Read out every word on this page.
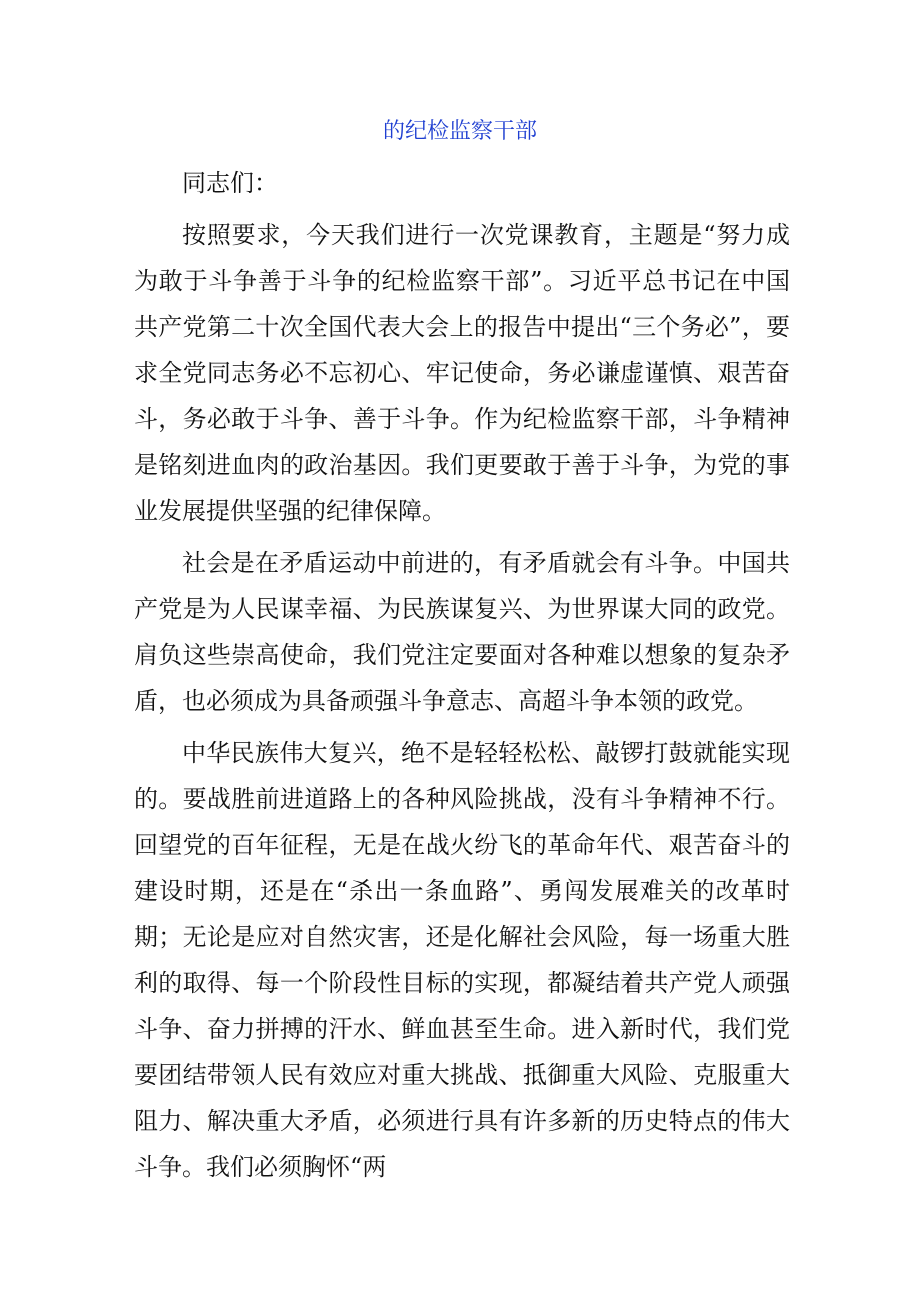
的纪检监察干部

同志们：

按照要求，今天我们进行一次党课教育，主题是“努力成为敢于斗争善于斗争的纪检监察干部”。习近平总书记在中国共产党第二十次全国代表大会上的报告中提出“三个务必”，要求全党同志务必不忘初心、牢记使命，务必谦虚谨慎、艰苦奋斗，务必敢于斗争、善于斗争。作为纪检监察干部，斗争精神是铭刻进血肉的政治基因。我们更要敢于善于斗争，为党的事业发展提供坚强的纪律保障。

社会是在矛盾运动中前进的，有矛盾就会有斗争。中国共产党是为人民谋幸福、为民族谋复兴、为世界谋大同的政党。肩负这些崇高使命，我们党注定要面对各种难以想象的复杂矛盾，也必须成为具备顽强斗争意志、高超斗争本领的政党。

中华民族伟大复兴，绝不是轻轻松松、敲锣打鼓就能实现的。要战胜前进道路上的各种风险挑战，没有斗争精神不行。回望党的百年征程，无是在战火纷飞的革命年代、艰苦奋斗的建设时期，还是在“杀出一条血路”、勇闯发展难关的改革时期；无论是应对自然灾害，还是化解社会风险，每一场重大胜利的取得、每一个阶段性目标的实现，都凝结着共产党人顽强斗争、奋力拼搏的汗水、鲜血甚至生命。进入新时代，我们党要团结带领人民有效应对重大挑战、抵御重大风险、克服重大阻力、解决重大矛盾，必须进行具有许多新的历史特点的伟大斗争。我们必须胸怀“两
